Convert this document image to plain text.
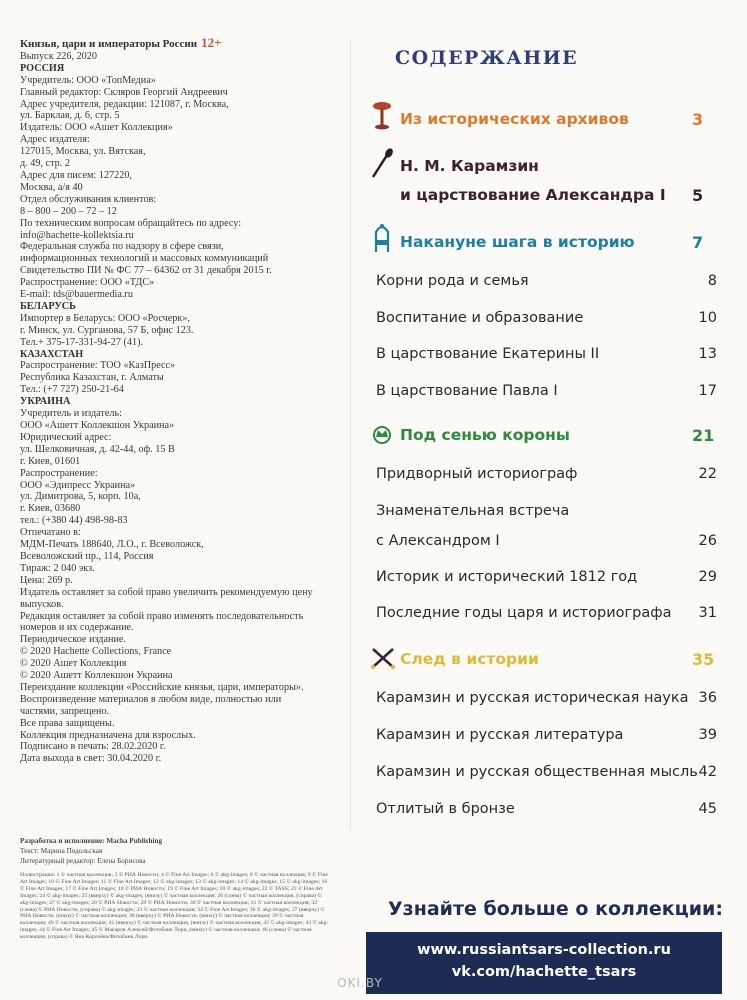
Князья, цари и императоры России 12+
Выпуск 226, 2020
РОССИЯ
Учредитель: ООО «ТопМедиа»
Главный редактор: Скляров Георгий Андреевич
Адрес учредителя, редакции: 121087, г. Москва,
ул. Барклая, д. 6, стр. 5
Издатель: ООО «Ашет Коллекция»
Адрес издателя:
127015, Москва, ул. Вятская,
д. 49, стр. 2
Адрес для писем: 127220,
Москва, а/я 40
Отдел обслуживания клиентов:
8 – 800 – 200 – 72 – 12
По техническим вопросам обращайтесь по адресу:
info@hachette-kollektsia.ru
Федеральная служба по надзору в сфере связи,
информационных технологий и массовых коммуникаций
Свидетельство ПИ № ФС 77 – 64362 от 31 декабря 2015 г.
Распространение: ООО «ТДС»
E-mail: tds@bauermedia.ru
БЕЛАРУСЬ
Импортер в Беларусь: ООО «Росчерк»,
г. Минск, ул. Сурганова, 57 Б, офис 123.
Тел.+ 375-17-331-94-27 (41).
КАЗАХСТАН
Распространение: ТОО «КазПресс»
Республика Казахстан, г. Алматы
Тел.: (+7 727) 250-21-64
УКРАИНА
Учредитель и издатель:
ООО «Ашетт Коллекшон Украина»
Юридический адрес:
ул. Шелковичная, д. 42-44, оф. 15 В
г. Киев, 01601
Распространение:
ООО «Эдипресс Украина»
ул. Димитрова, 5, корп. 10а,
г. Киев, 03680
тел.: (+380 44) 498-98-83
Отпечатано в:
МДМ-Печать 188640, Л.О., г. Всеволожск,
Всеволожский пр., 114, Россия
Тираж: 2 040 экз.
Цена: 269 р.
Издатель оставляет за собой право увеличить рекомендуемую цену
выпусков.
Редакция оставляет за собой право изменять последовательность
номеров и их содержание.
Периодическое издание.
© 2020 Hachette Collections, France
© 2020 Ашет Коллекция
© 2020 Ашетт Коллекшон Украина
Переиздание коллекции «Российские князья, цари, императоры».
Воспроизведение материалов в любом виде, полностью или
частями, запрещено.
Все права защищены.
Коллекция предназначена для взрослых.
Подписано в печать: 28.02.2020 г.
Дата выхода в свет: 30.04.2020 г.
Разработка и исполнение: Macha Publishing
Текст: Марина Подольская
Литературный редактор: Елена Борисова
Иллюстрации: 1 © частная коллекция; 3 © РИА Новости; 4 © Fine Art Images; 6 © akg-images; 8 © частная коллекция; 9 © Fine Art Images; 10 © Fine Art Images; 11 © Fine Art Images; 12 © akg-images; 13 © akg-images; 14 © akg-images; 15 © akg-images; 16 © Fine Art Images; 17 © Fine Art Images; 18 © РИА Новости; 19 © Fine Art Images; 20 © akg-images; 22 © TASS; 23 © Fine Art Images; 24 © akg-images; 25 (вверху) © akg-images, (внизу) © частная коллекция; 26 (слева) © частная коллекция, (справа) © akg-images; 27 © akg-images; 28 © РИА Новости; 29 © РИА Новости; 30 © частная коллекция; 31 © частная коллекция; 32 (слева) © РИА Новости, (справа) © akg-images; 33 © частная коллекция; 34 © Fine Art Images; 36 © akg-images; 37 (вверху) © РИА Новости, (внизу) © частная коллекция; 38 (вверху) © РИА Новости, (внизу) © частная коллекция; 39 © частная коллекция; 40 © частная коллекция; 41 (вверху) © частная коллекция, (внизу) © частная коллекция; 42 © akg-images; 43 © akg-images; 44 © Fine Art Images; 45 © Макаров Алексей/Фотобанк Лори, (внизу) © частная коллекция; 46 (слева) © частная коллекция, (справа) © Яна Королёва/Фотобанк Лори.
содержание
Из исторических архивов	3
Н. М. Карамзин
и царствование Александра I 5
Накануне шага в историю	7
Корни рода и семья	8
Воспитание и образование	10
В царствование Екатерины II	13
В царствование Павла I	17
Под сенью короны	21
Придворный историограф	22
Знаменательная встреча
с Александром I	26
Историк и исторический 1812 год	29
Последние годы царя и историографа 31
След в истории	35
Карамзин и русская историческая наука 36
Карамзин и русская литература	39
Карамзин и русская общественная мысль 42
Отлитый в бронзе	45
Узнайте больше о коллекции:
www.russiantsars-collection.ru
vk.com/hachette_tsars
OKI.BY
